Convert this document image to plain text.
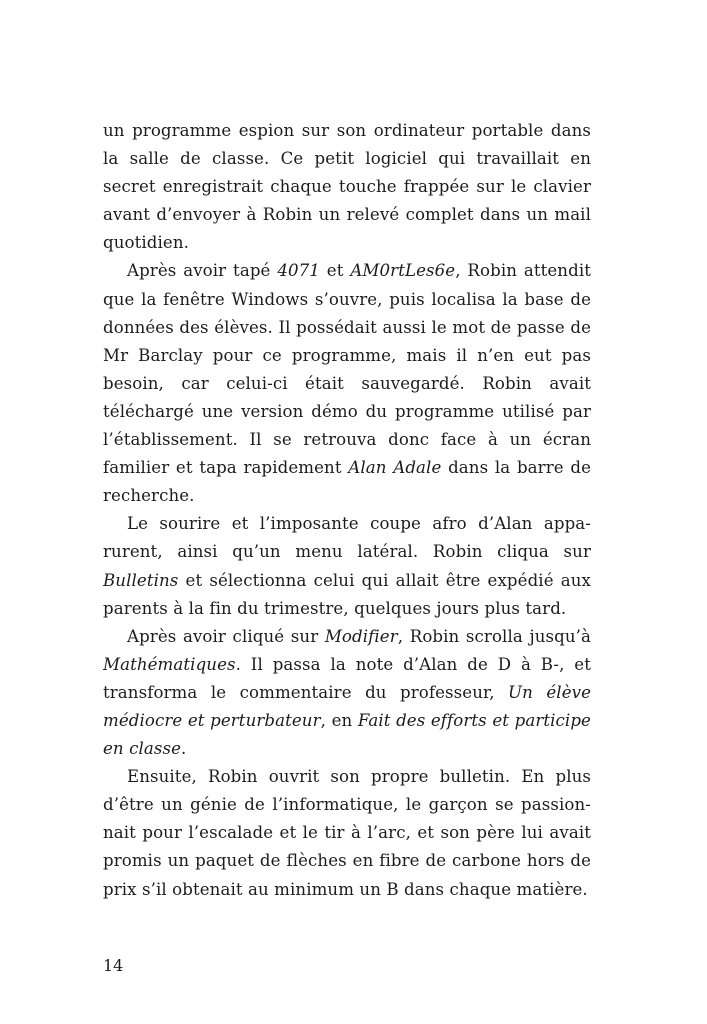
un programme espion sur son ordinateur portable dans la salle de classe. Ce petit logiciel qui travaillait en secret enregistrait chaque touche frappée sur le clavier avant d’envoyer à Robin un relevé complet dans un mail quotidien.

Après avoir tapé 4071 et AM0rtLes6e, Robin attendit que la fenêtre Windows s’ouvre, puis localisa la base de données des élèves. Il possédait aussi le mot de passe de Mr Barclay pour ce programme, mais il n’en eut pas besoin, car celui-ci était sauvegardé. Robin avait téléchargé une version démo du programme utilisé par l’établissement. Il se retrouva donc face à un écran familier et tapa rapidement Alan Adale dans la barre de recherche.

Le sourire et l’imposante coupe afro d’Alan appa-rurent, ainsi qu’un menu latéral. Robin cliqua sur Bulletins et sélectionna celui qui allait être expédié aux parents à la fin du trimestre, quelques jours plus tard.

Après avoir cliqué sur Modifier, Robin scrolla jusqu’à Mathématiques. Il passa la note d’Alan de D à B-, et transforma le commentaire du professeur, Un élève médiocre et perturbateur, en Fait des efforts et participe en classe.

Ensuite, Robin ouvrit son propre bulletin. En plus d’être un génie de l’informatique, le garçon se passion-nait pour l’escalade et le tir à l’arc, et son père lui avait promis un paquet de flèches en fibre de carbone hors de prix s’il obtenait au minimum un B dans chaque matière.

14
